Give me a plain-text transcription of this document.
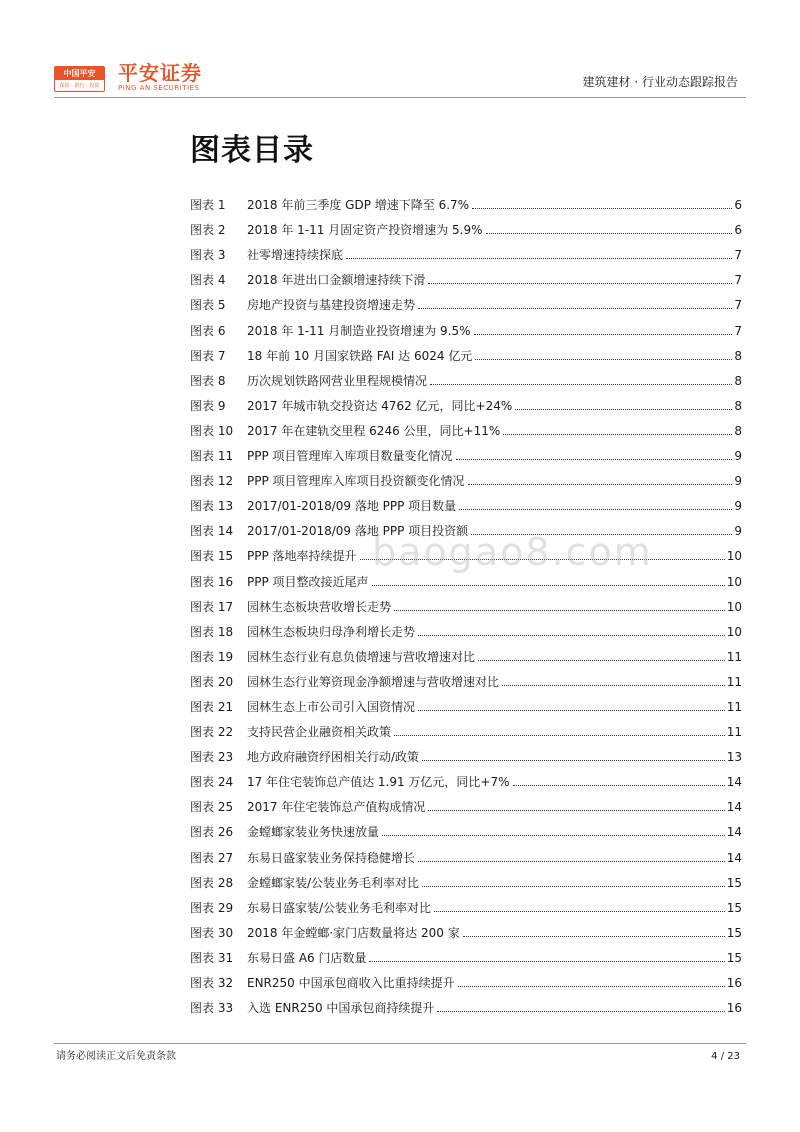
中国平安
保险 · 银行 · 投资
平安证券
PING AN SECURITIES	建筑建材 · 行业动态跟踪报告
图表目录
图表 1	2018 年前三季度 GDP 增速下降至 6.7%	6
图表 2	2018 年 1-11 月固定资产投资增速为 5.9%	6
图表 3	社零增速持续探底	7
图表 4	2018 年进出口金额增速持续下滑	7
图表 5	房地产投资与基建投资增速走势	7
图表 6	2018 年 1-11 月制造业投资增速为 9.5%	7
图表 7	18 年前 10 月国家铁路 FAI 达 6024 亿元	8
图表 8	历次规划铁路网营业里程规模情况	8
图表 9	2017 年城市轨交投资达 4762 亿元，同比+24%	8
图表 10	2017 年在建轨交里程 6246 公里，同比+11%	8
图表 11	PPP 项目管理库入库项目数量变化情况	9
图表 12	PPP 项目管理库入库项目投资额变化情况	9
图表 13	2017/01-2018/09 落地 PPP 项目数量	9
图表 14	2017/01-2018/09 落地 PPP 项目投资额	9
图表 15	PPP 落地率持续提升	10
图表 16	PPP 项目整改接近尾声	10
图表 17	园林生态板块营收增长走势	10
图表 18	园林生态板块归母净利增长走势	10
图表 19	园林生态行业有息负债增速与营收增速对比	11
图表 20	园林生态行业筹资现金净额增速与营收增速对比	11
图表 21	园林生态上市公司引入国资情况	11
图表 22	支持民营企业融资相关政策	11
图表 23	地方政府融资纾困相关行动/政策	13
图表 24	17 年住宅装饰总产值达 1.91 万亿元，同比+7%	14
图表 25	2017 年住宅装饰总产值构成情况	14
图表 26	金螳螂家装业务快速放量	14
图表 27	东易日盛家装业务保持稳健增长	14
图表 28	金螳螂家装/公装业务毛利率对比	15
图表 29	东易日盛家装/公装业务毛利率对比	15
图表 30	2018 年金螳螂·家门店数量将达 200 家	15
图表 31	东易日盛 A6 门店数量	15
图表 32	ENR250 中国承包商收入比重持续提升	16
图表 33	入选 ENR250 中国承包商持续提升	16
baogao8.com
请务必阅读正文后免责条款	4 / 23
